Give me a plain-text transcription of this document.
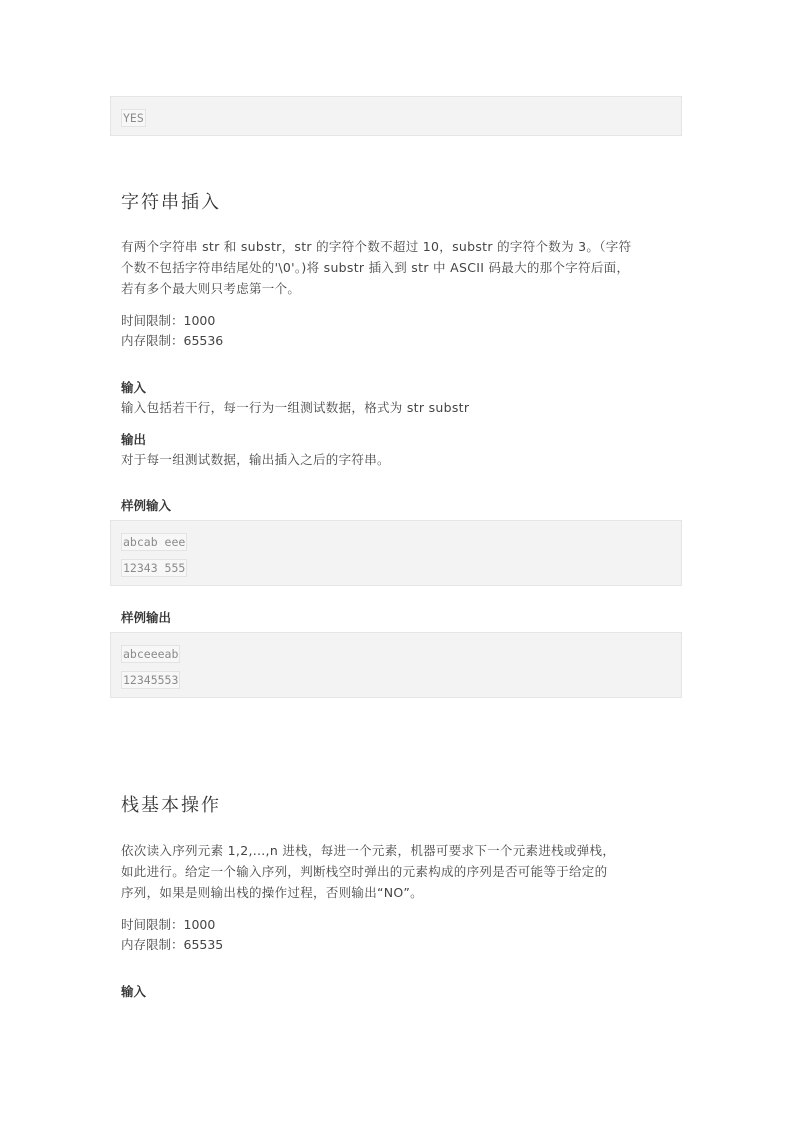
YES
字符串插入
有两个字符串 str 和 substr，str 的字符个数不超过 10，substr 的字符个数为 3。（字符
个数不包括字符串结尾处的'\0'。)将 substr 插入到 str 中 ASCII 码最大的那个字符后面，
若有多个最大则只考虑第一个。
时间限制：1000
内存限制：65536
输入
输入包括若干行，每一行为一组测试数据，格式为 str substr
输出
对于每一组测试数据，输出插入之后的字符串。
样例输入
abcab eee
12343 555
样例输出
abceeeab
12345553
栈基本操作
依次读入序列元素 1,2,...,n 进栈，每进一个元素，机器可要求下一个元素进栈或弹栈，
如此进行。给定一个输入序列，判断栈空时弹出的元素构成的序列是否可能等于给定的
序列，如果是则输出栈的操作过程，否则输出“NO”。
时间限制：1000
内存限制：65535
输入
